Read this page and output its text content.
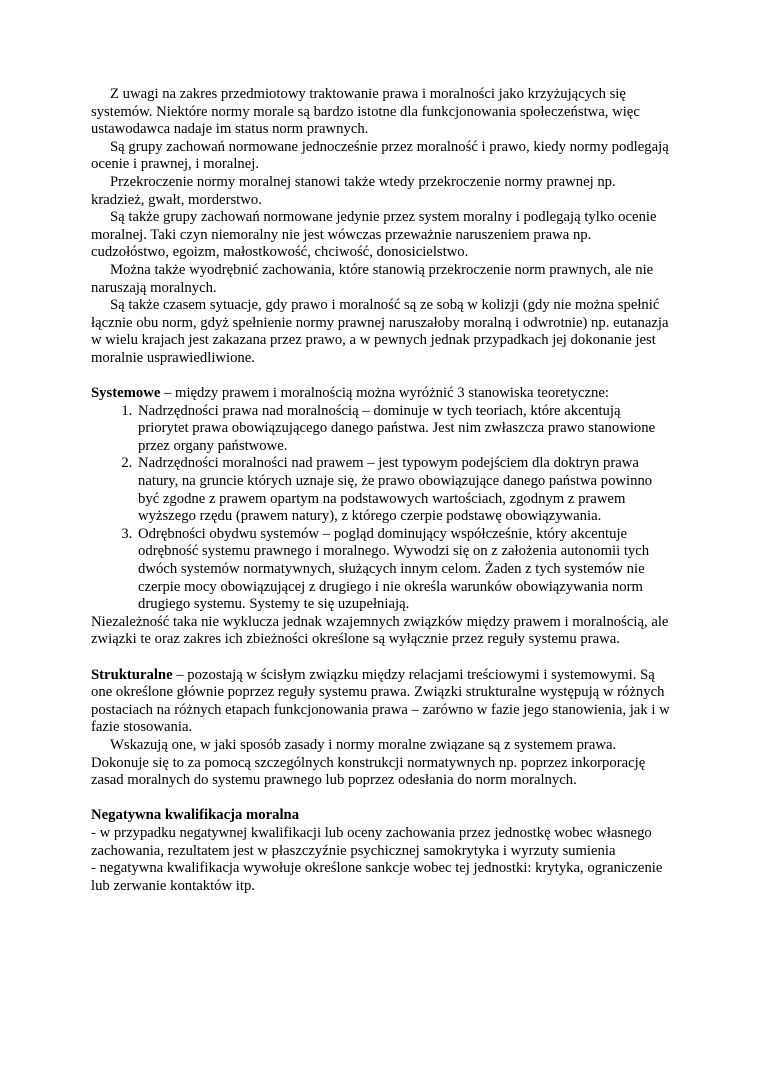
Z uwagi na zakres przedmiotowy traktowanie prawa i moralności jako krzyżujących się systemów. Niektóre normy morale są bardzo istotne dla funkcjonowania społeczeństwa, więc ustawodawca nadaje im status norm prawnych.

Są grupy zachowań normowane jednocześnie przez moralność i prawo, kiedy normy podlegają ocenie i prawnej, i moralnej.

Przekroczenie normy moralnej stanowi także wtedy przekroczenie normy prawnej np. kradzież, gwałt, morderstwo.

Są także grupy zachowań normowane jedynie przez system moralny i podlegają tylko ocenie moralnej. Taki czyn niemoralny nie jest wówczas przeważnie naruszeniem prawa np. cudzołóstwo, egoizm, małostkowość, chciwość, donosicielstwo.

Można także wyodrębnić zachowania, które stanowią przekroczenie norm prawnych, ale nie naruszają moralnych.

Są także czasem sytuacje, gdy prawo i moralność są ze sobą w kolizji (gdy nie można spełnić łącznie obu norm, gdyż spełnienie normy prawnej naruszałoby moralną i odwrotnie) np. eutanazja w wielu krajach jest zakazana przez prawo, a w pewnych jednak przypadkach jej dokonanie jest moralnie usprawiedliwione.

Systemowe – między prawem i moralnością można wyróżnić 3 stanowiska teoretyczne:

1. Nadrzędności prawa nad moralnością – dominuje w tych teoriach, które akcentują priorytet prawa obowiązującego danego państwa. Jest nim zwłaszcza prawo stanowione przez organy państwowe.
2. Nadrzędności moralności nad prawem – jest typowym podejściem dla doktryn prawa natury, na gruncie których uznaje się, że prawo obowiązujące danego państwa powinno być zgodne z prawem opartym na podstawowych wartościach, zgodnym z prawem wyższego rzędu (prawem natury), z którego czerpie podstawę obowiązywania.
3. Odrębności obydwu systemów – pogląd dominujący współcześnie, który akcentuje odrębność systemu prawnego i moralnego. Wywodzi się on z założenia autonomii tych dwóch systemów normatywnych, służących innym celom. Żaden z tych systemów nie czerpie mocy obowiązującej z drugiego i nie określa warunków obowiązywania norm drugiego systemu. Systemy te się uzupełniają.

Niezależność taka nie wyklucza jednak wzajemnych związków między prawem i moralnością, ale związki te oraz zakres ich zbieżności określone są wyłącznie przez reguły systemu prawa.

Strukturalne – pozostają w ścisłym związku między relacjami treściowymi i systemowymi. Są one określone głównie poprzez reguły systemu prawa. Związki strukturalne występują w różnych postaciach na różnych etapach funkcjonowania prawa – zarówno w fazie jego stanowienia, jak i w fazie stosowania.

Wskazują one, w jaki sposób zasady i normy moralne związane są z systemem prawa. Dokonuje się to za pomocą szczególnych konstrukcji normatywnych np. poprzez inkorporację zasad moralnych do systemu prawnego lub poprzez odesłania do norm moralnych.

Negatywna kwalifikacja moralna

- w przypadku negatywnej kwalifikacji lub oceny zachowania przez jednostkę wobec własnego zachowania, rezultatem jest w płaszczyźnie psychicznej samokrytyka i wyrzuty sumienia

- negatywna kwalifikacja wywołuje określone sankcje wobec tej jednostki: krytyka, ograniczenie lub zerwanie kontaktów itp.
